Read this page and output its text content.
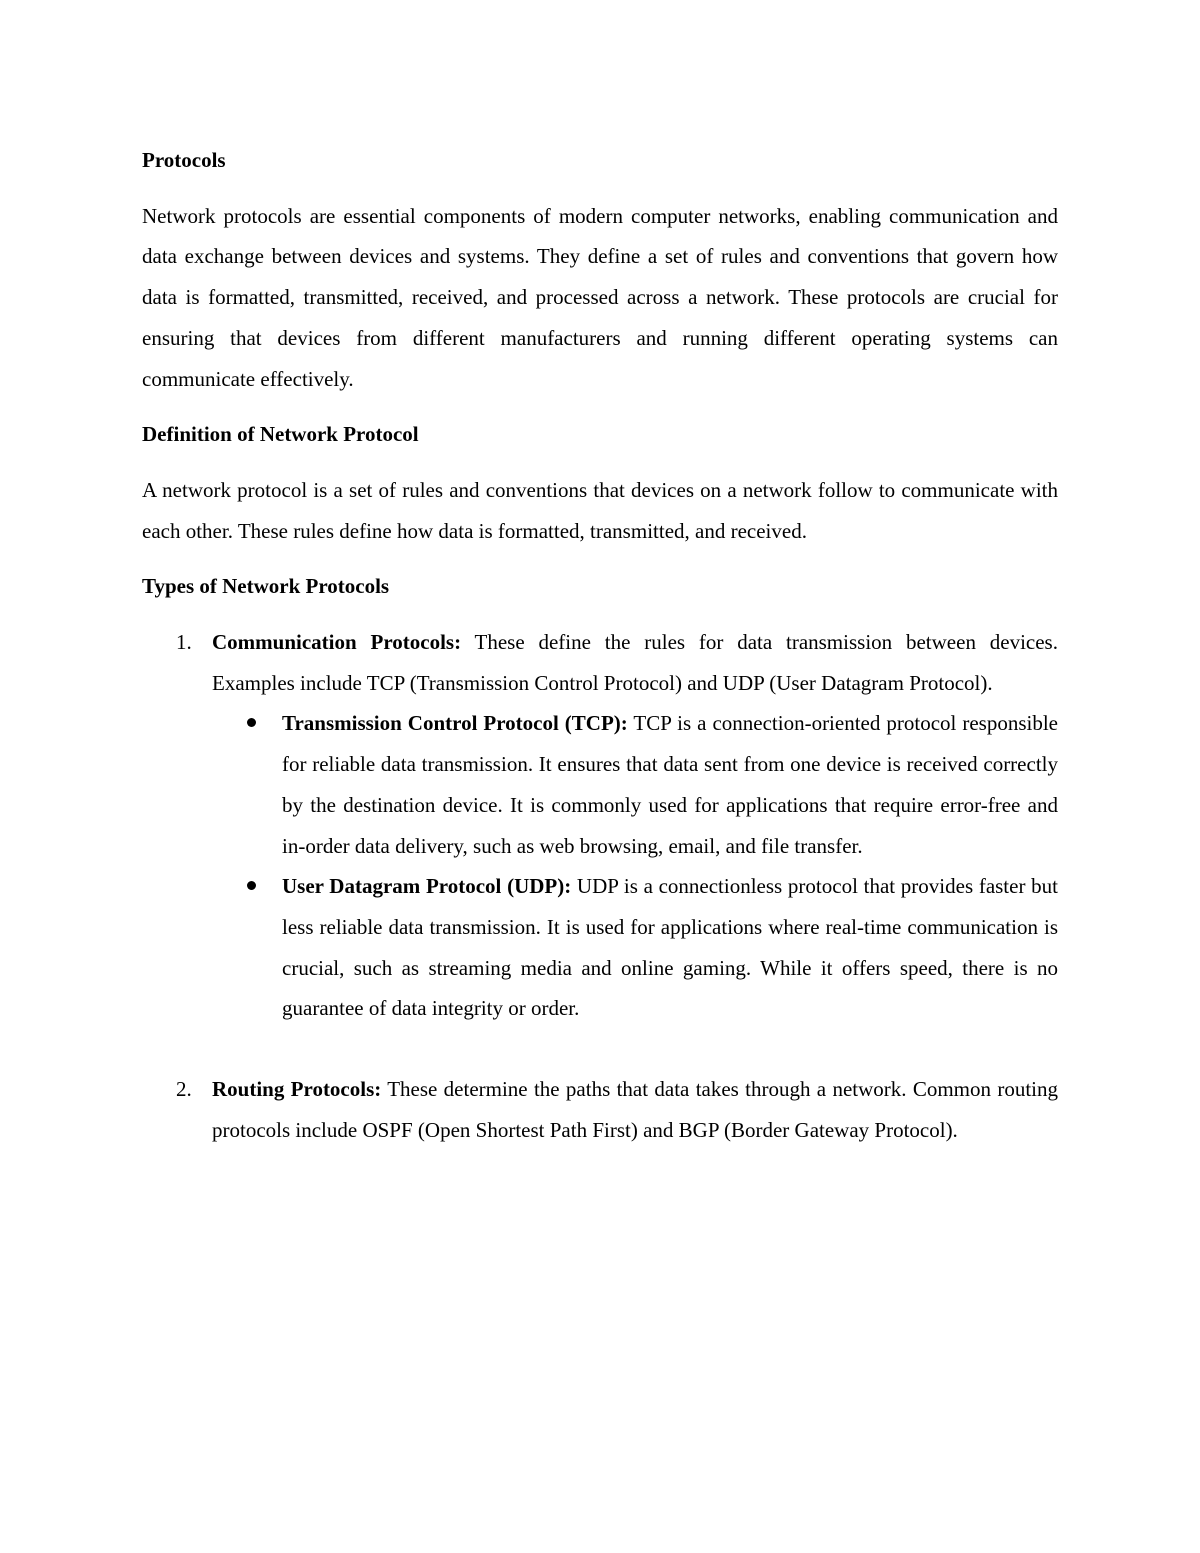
Protocols

Network protocols are essential components of modern computer networks, enabling communication and data exchange between devices and systems. They define a set of rules and conventions that govern how data is formatted, transmitted, received, and processed across a network. These protocols are crucial for ensuring that devices from different manufacturers and running different operating systems can communicate effectively.

Definition of Network Protocol

A network protocol is a set of rules and conventions that devices on a network follow to communicate with each other. These rules define how data is formatted, transmitted, and received.

Types of Network Protocols

1. Communication Protocols: These define the rules for data transmission between devices. Examples include TCP (Transmission Control Protocol) and UDP (User Datagram Protocol).
Transmission Control Protocol (TCP): TCP is a connection-oriented protocol responsible for reliable data transmission. It ensures that data sent from one device is received correctly by the destination device. It is commonly used for applications that require error-free and in-order data delivery, such as web browsing, email, and file transfer.
User Datagram Protocol (UDP): UDP is a connectionless protocol that provides faster but less reliable data transmission. It is used for applications where real-time communication is crucial, such as streaming media and online gaming. While it offers speed, there is no guarantee of data integrity or order.
2. Routing Protocols: These determine the paths that data takes through a network. Common routing protocols include OSPF (Open Shortest Path First) and BGP (Border Gateway Protocol).
